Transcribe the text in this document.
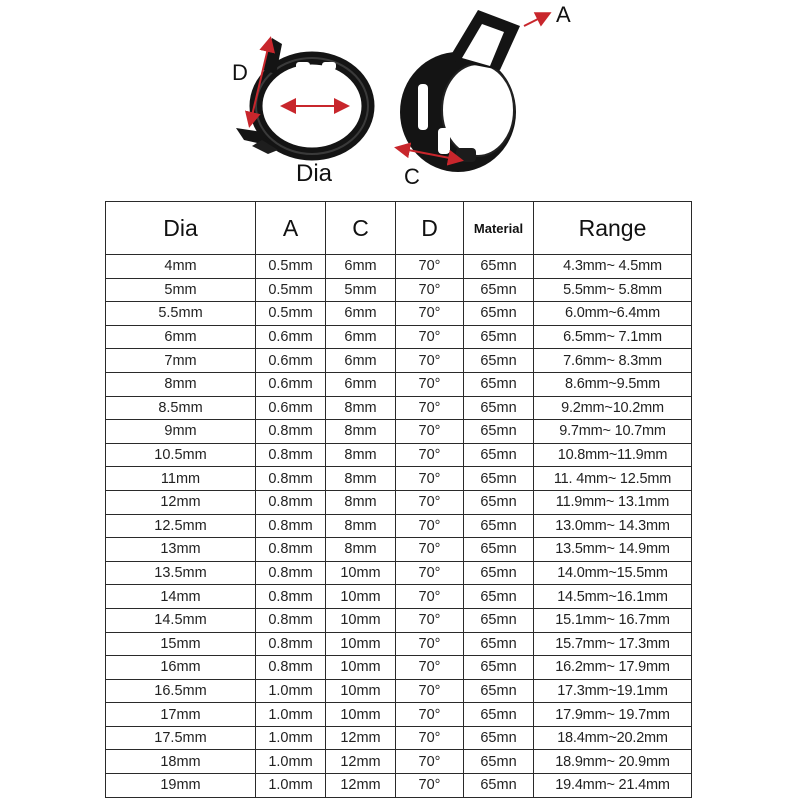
D
Dia
A
C
Dia	A	C	D	Material	Range
4mm	0.5mm	6mm	70°	65mn	4.3mm~ 4.5mm
5mm	0.5mm	5mm	70°	65mn	5.5mm~ 5.8mm
5.5mm	0.5mm	6mm	70°	65mn	6.0mm~6.4mm
6mm	0.6mm	6mm	70°	65mn	6.5mm~ 7.1mm
7mm	0.6mm	6mm	70°	65mn	7.6mm~ 8.3mm
8mm	0.6mm	6mm	70°	65mn	8.6mm~9.5mm
8.5mm	0.6mm	8mm	70°	65mn	9.2mm~10.2mm
9mm	0.8mm	8mm	70°	65mn	9.7mm~ 10.7mm
10.5mm	0.8mm	8mm	70°	65mn	10.8mm~11.9mm
11mm	0.8mm	8mm	70°	65mn	11. 4mm~ 12.5mm
12mm	0.8mm	8mm	70°	65mn	11.9mm~ 13.1mm
12.5mm	0.8mm	8mm	70°	65mn	13.0mm~ 14.3mm
13mm	0.8mm	8mm	70°	65mn	13.5mm~ 14.9mm
13.5mm	0.8mm	10mm	70°	65mn	14.0mm~15.5mm
14mm	0.8mm	10mm	70°	65mn	14.5mm~16.1mm
14.5mm	0.8mm	10mm	70°	65mn	15.1mm~ 16.7mm
15mm	0.8mm	10mm	70°	65mn	15.7mm~ 17.3mm
16mm	0.8mm	10mm	70°	65mn	16.2mm~ 17.9mm
16.5mm	1.0mm	10mm	70°	65mn	17.3mm~19.1mm
17mm	1.0mm	10mm	70°	65mn	17.9mm~ 19.7mm
17.5mm	1.0mm	12mm	70°	65mn	18.4mm~20.2mm
18mm	1.0mm	12mm	70°	65mn	18.9mm~ 20.9mm
19mm	1.0mm	12mm	70°	65mn	19.4mm~ 21.4mm
